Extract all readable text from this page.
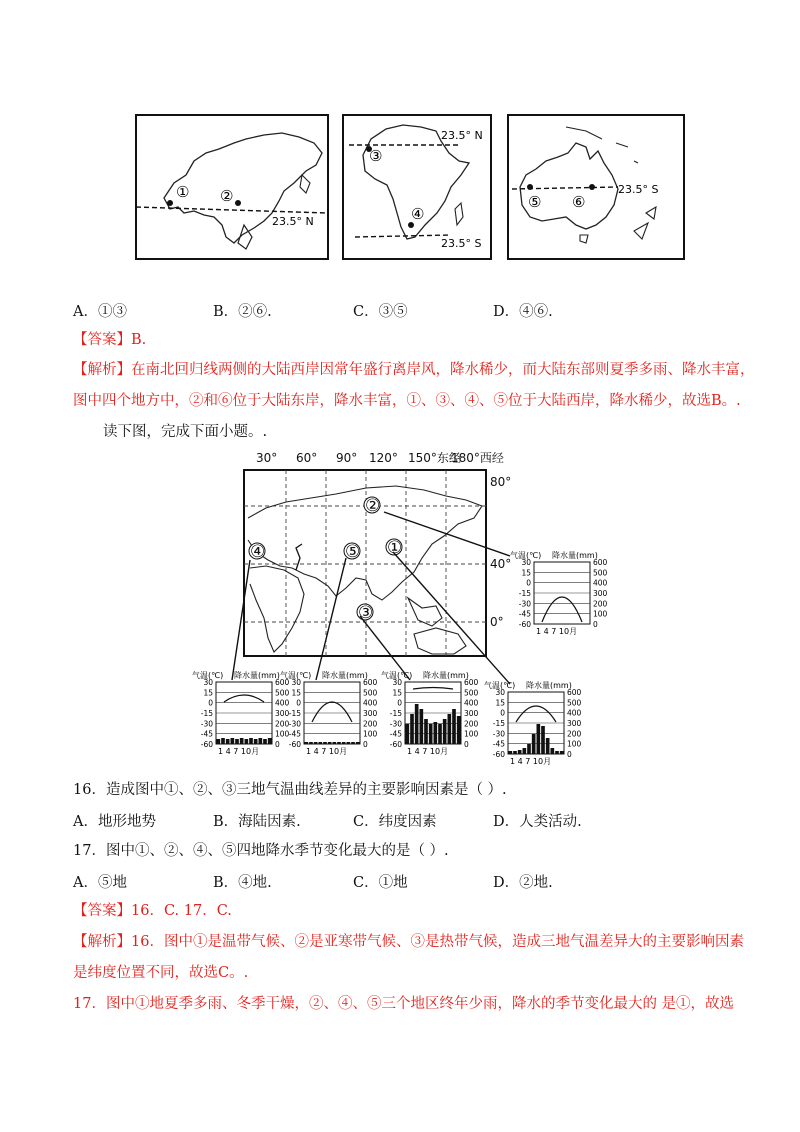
① ②
23.5° N
③
④
23.5° N
23.5° S
⑤ ⑥
23.5° S
A．①③	B．②⑥.	C．③⑤	D．④⑥.
【答案】B.
【解析】在南北回归线两侧的大陆西岸因常年盛行离岸风，降水稀少，而大陆东部则夏季多雨、降水丰富，
图中四个地方中，②和⑥位于大陆东岸，降水丰富，①、③、④、⑤位于大陆西岸，降水稀少，故选B。.
读下图，完成下面小题。.
30° 60° 90° 120° 150°东经
180°西经
80°
40°
0°
②
④	⑤ ①
③
气温(℃) 降水量(mm)
30
15
0
-15
-30
-45
-60
600
500
400
300
200
100
0
1 4 7 10月
气温(℃) 降水量(mm)
30
15
0
-15
-30
-45
-60
600
500
400
300
200
100
0
1 4 7 10月
气温(℃) 降水量(mm)
30
15
0
-15
-30
-45
-60
600
500
400
300
200
100
0
1 4 7 10月
气温(℃) 降水量(mm)
30
15
0
-15
-30
-45
-60
600
500
400
300
200
100
0
1 4 7 10月
气温(℃) 降水量(mm)
30
15
0
-15
-30
-45
-60
600
500
400
300
200
100
0
1 4 7 10月
16．造成图中①、②、③三地气温曲线差异的主要影响因素是（ ）.
A．地形地势	B．海陆因素.	C．纬度因素	D．人类活动.
17．图中①、②、④、⑤四地降水季节变化最大的是（ ）.
A．⑤地	B．④地.	C．①地	D．②地.
【答案】16．C. 17．C.
【解析】16．图中①是温带气候、②是亚寒带气候、③是热带气候，造成三地气温差异大的主要影响因素
是纬度位置不同，故选C。.
17．图中①地夏季多雨、冬季干燥，②、④、⑤三个地区终年少雨，降水的季节变化最大的 是①，故选
